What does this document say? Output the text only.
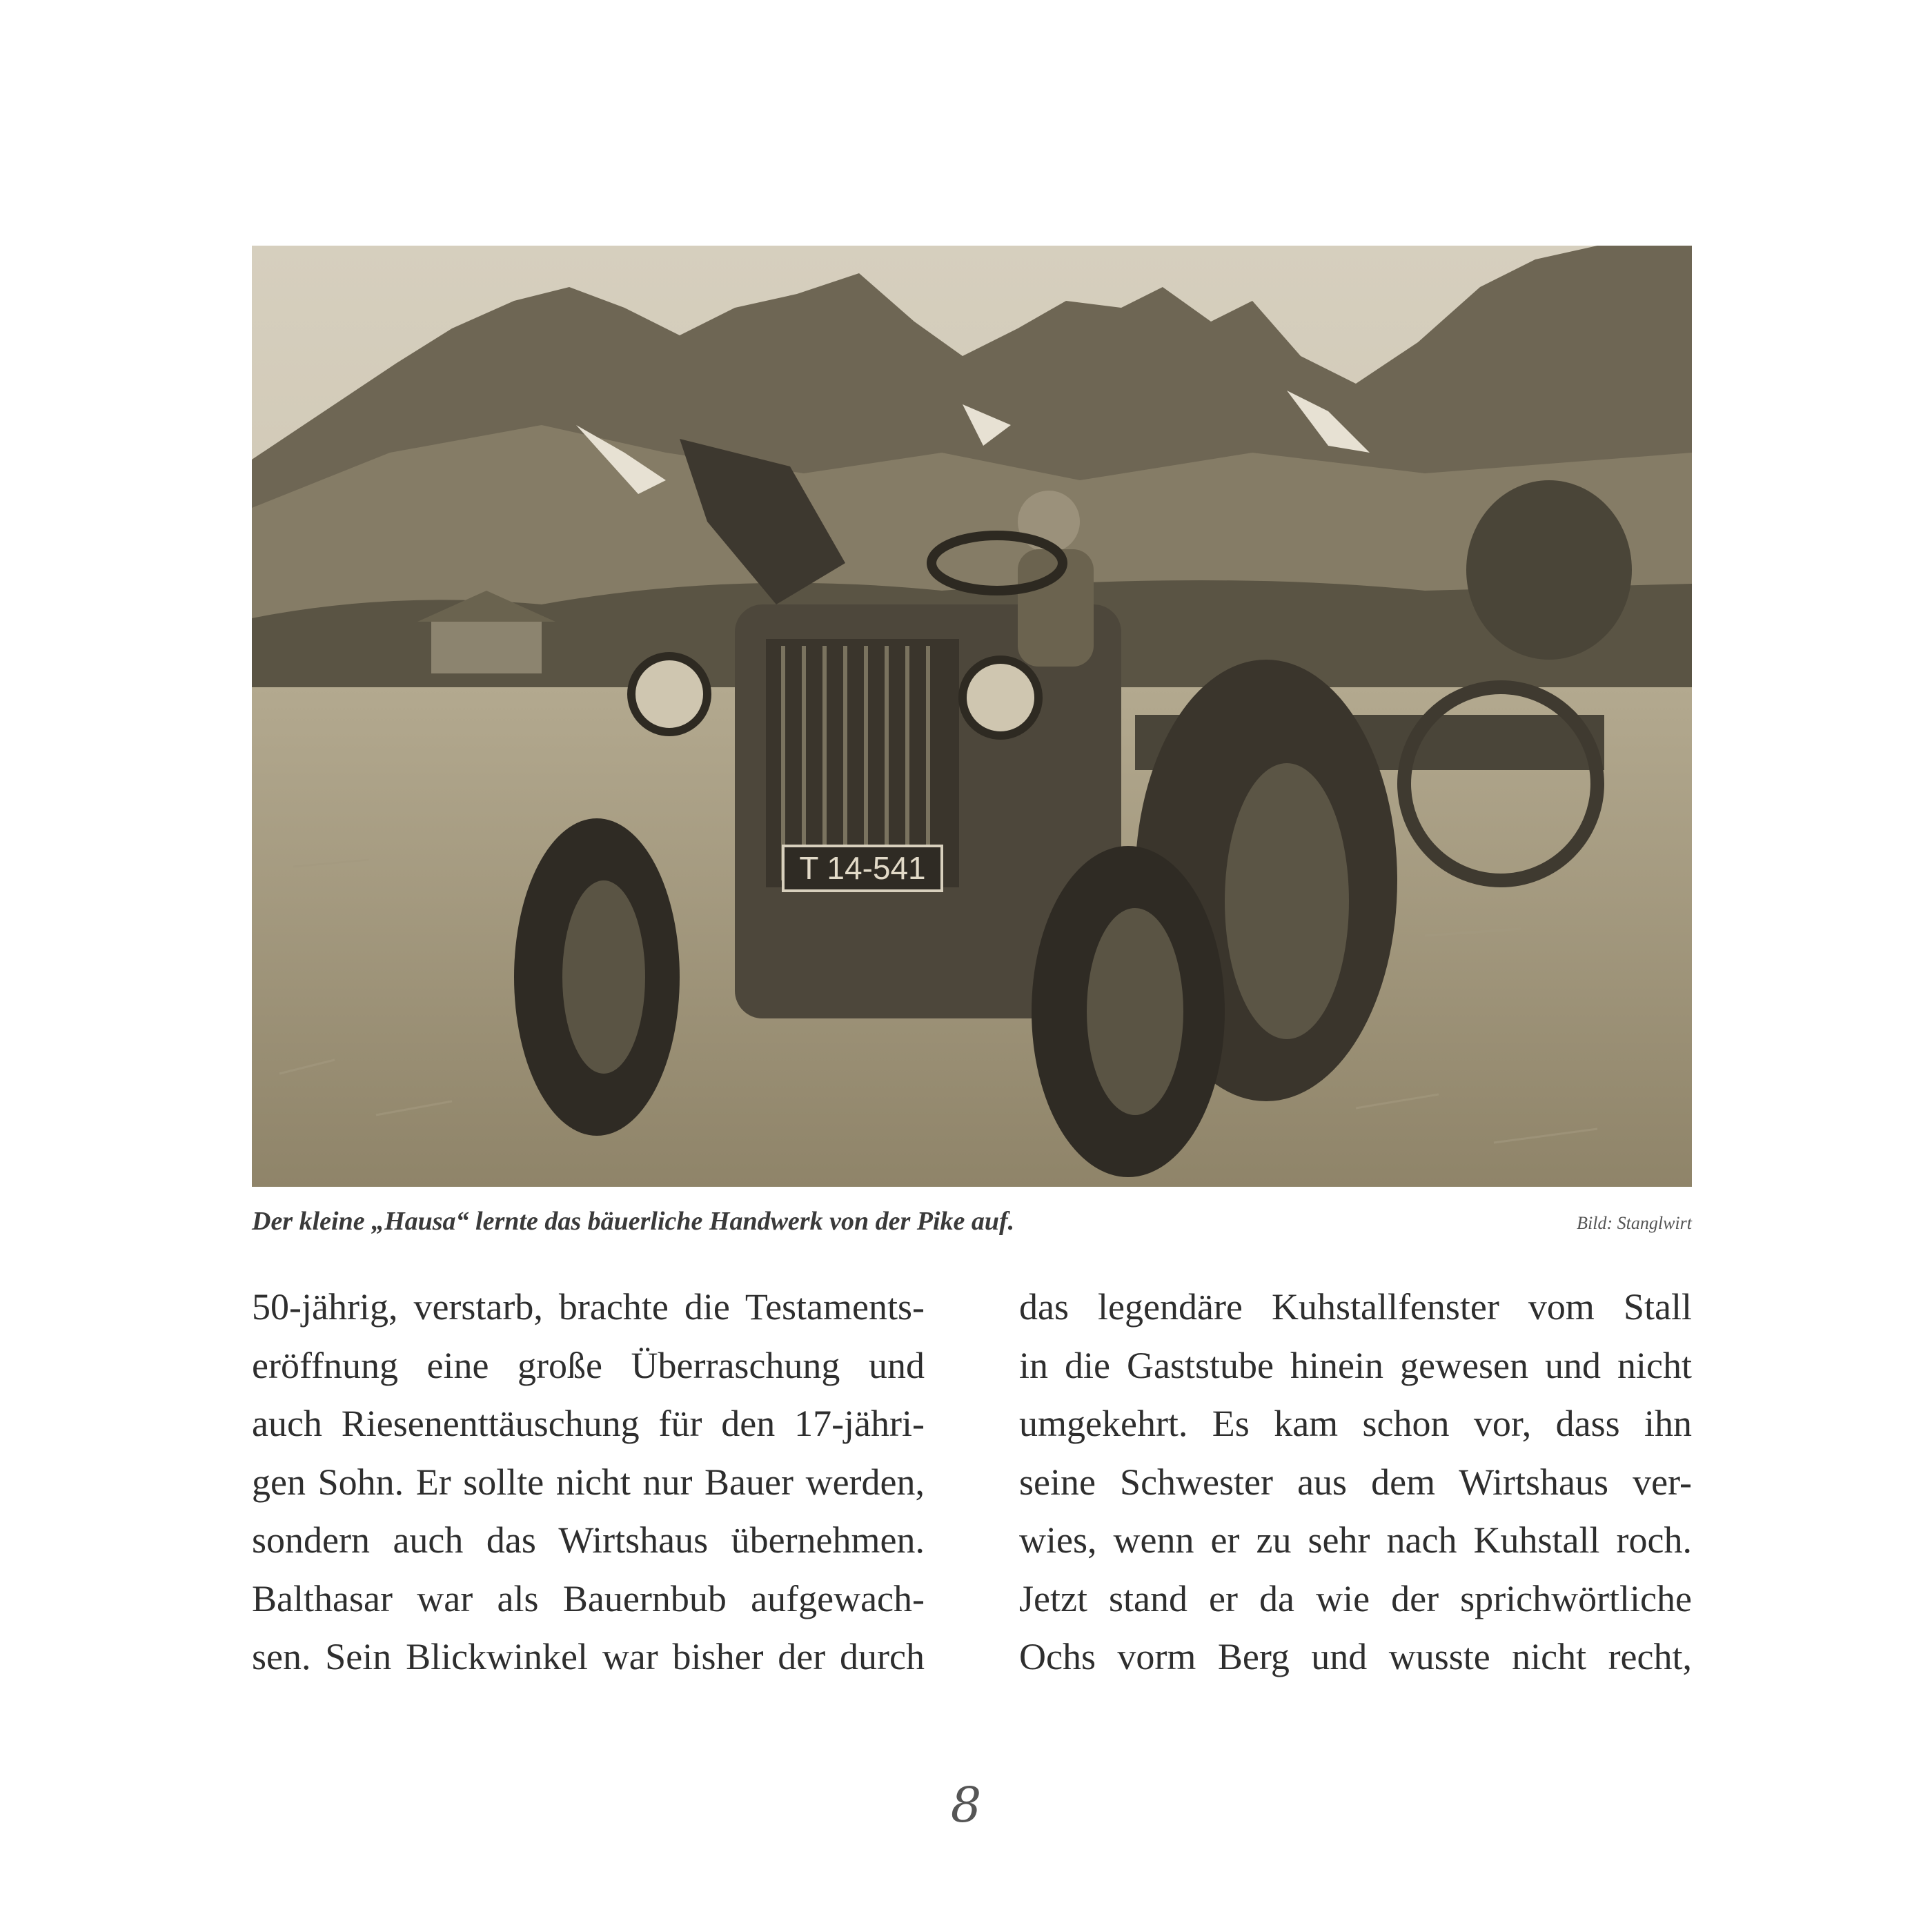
T 14-541
Der kleine „Hausa“ lernte das bäuerliche Handwerk von der Pike auf.	Bild: Stanglwirt
50-jährig, verstarb, brachte die Testaments-
eröffnung eine große Überraschung und
auch Riesenenttäuschung für den 17-jähri-
gen Sohn. Er sollte nicht nur Bauer werden,
sondern auch das Wirtshaus übernehmen.
Balthasar war als Bauernbub aufgewach-
sen. Sein Blickwinkel war bisher der durch
das legendäre Kuhstallfenster vom Stall
in die Gaststube hinein gewesen und nicht
umgekehrt. Es kam schon vor, dass ihn
seine Schwester aus dem Wirtshaus ver-
wies, wenn er zu sehr nach Kuhstall roch.
Jetzt stand er da wie der sprichwörtliche
Ochs vorm Berg und wusste nicht recht,
8
